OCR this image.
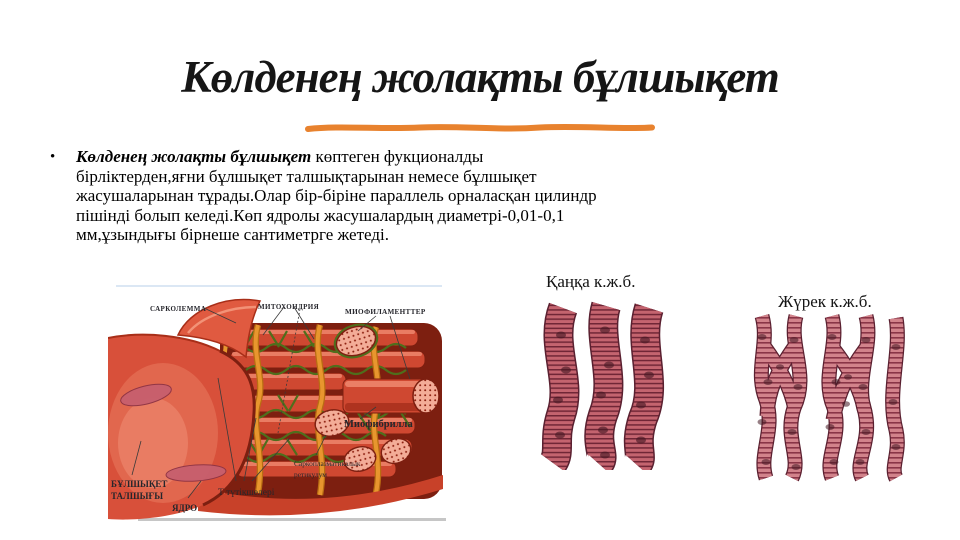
Көлденең жолақты бұлшықет
•	Көлденең жолақты бұлшықет көптеген фукционалды
бірліктерден,яғни бұлшықет талшықтарынан немесе бұлшықет
жасушаларынан тұрады.Олар бір-біріне параллель орналасқан цилиндр
пішінді болып келеді.Көп ядролы жасушалардың диаметрі-0,01-0,1
мм,ұзындығы бірнеше сантиметрге жетеді.
САРКОЛЕММА	МИТОХОНДРИЯ
МИОФИЛАМЕНТТЕР
Миофибрилла
Саркоплазматикалык
ретикулум
Т түтікшелері
БҰЛШЫҚЕТ
ТАЛШЫҒЫ
ЯДРО
Қаңқа к.ж.б.
Жүрек к.ж.б.
